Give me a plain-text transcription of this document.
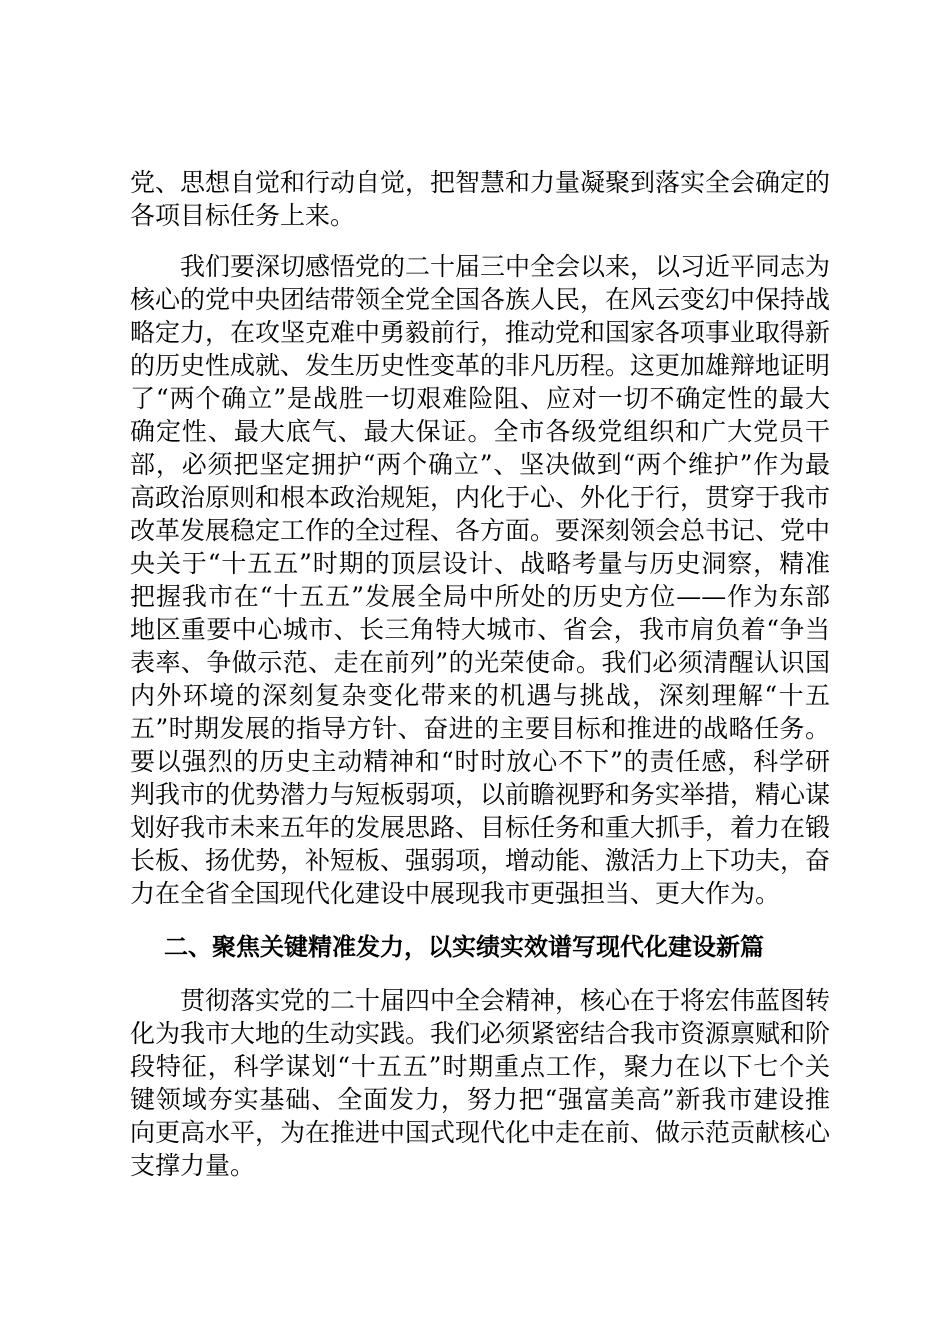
党、思想自觉和行动自觉，把智慧和力量凝聚到落实全会确定的各项目标任务上来。

我们要深切感悟党的二十届三中全会以来，以习近平同志为核心的党中央团结带领全党全国各族人民，在风云变幻中保持战略定力，在攻坚克难中勇毅前行，推动党和国家各项事业取得新的历史性成就、发生历史性变革的非凡历程。这更加雄辩地证明了“两个确立”是战胜一切艰难险阻、应对一切不确定性的最大确定性、最大底气、最大保证。全市各级党组织和广大党员干部，必须把坚定拥护“两个确立”、坚决做到“两个维护”作为最高政治原则和根本政治规矩，内化于心、外化于行，贯穿于我市改革发展稳定工作的全过程、各方面。要深刻领会总书记、党中央关于“十五五”时期的顶层设计、战略考量与历史洞察，精准把握我市在“十五五”发展全局中所处的历史方位——作为东部地区重要中心城市、长三角特大城市、省会，我市肩负着“争当表率、争做示范、走在前列”的光荣使命。我们必须清醒认识国内外环境的深刻复杂变化带来的机遇与挑战，深刻理解“十五五”时期发展的指导方针、奋进的主要目标和推进的战略任务。要以强烈的历史主动精神和“时时放心不下”的责任感，科学研判我市的优势潜力与短板弱项，以前瞻视野和务实举措，精心谋划好我市未来五年的发展思路、目标任务和重大抓手，着力在锻长板、扬优势，补短板、强弱项，增动能、激活力上下功夫，奋力在全省全国现代化建设中展现我市更强担当、更大作为。

二、聚焦关键精准发力，以实绩实效谱写现代化建设新篇

贯彻落实党的二十届四中全会精神，核心在于将宏伟蓝图转化为我市大地的生动实践。我们必须紧密结合我市资源禀赋和阶段特征，科学谋划“十五五”时期重点工作，聚力在以下七个关键领域夯实基础、全面发力，努力把“强富美高”新我市建设推向更高水平，为在推进中国式现代化中走在前、做示范贡献核心支撑力量。
